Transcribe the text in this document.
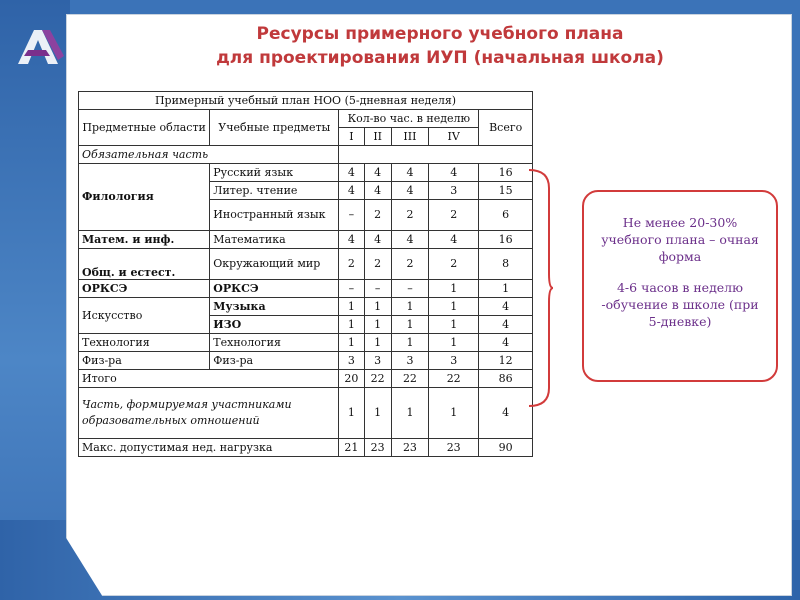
Ресурсы примерного учебного плана
для проектирования ИУП (начальная школа)
Примерный учебный план НОО (5-дневная неделя)						
Предметные области	Учебные предметы	Кол-во час. в неделю				Всего
		I	II	III	IV	
Обязательная часть						
Филология	Русский язык	4	4	4	4	16
	Литер. чтение	4	4	4	3	15
	Иностранный язык	–	2	2	2	6
Матем. и инф.	Математика	4	4	4	4	16
Общ. и естест.	Окружающий мир	2	2	2	2	8
ОРКСЭ	ОРКСЭ	–	–	–	1	1
Искусство	Музыка	1	1	1	1	4
	ИЗО	1	1	1	1	4
Технология	Технология	1	1	1	1	4
Физ-ра	Физ-ра	3	3	3	3	12
Итого		20	22	22	22	86
Часть, формируемая участниками образовательных отношений		1	1	1	1	4
Макс. допустимая нед. нагрузка		21	23	23	23	90

Не менее 20-30% учебного плана – очная форма

4-6 часов в неделю -обучение в школе (при 5-дневке)
